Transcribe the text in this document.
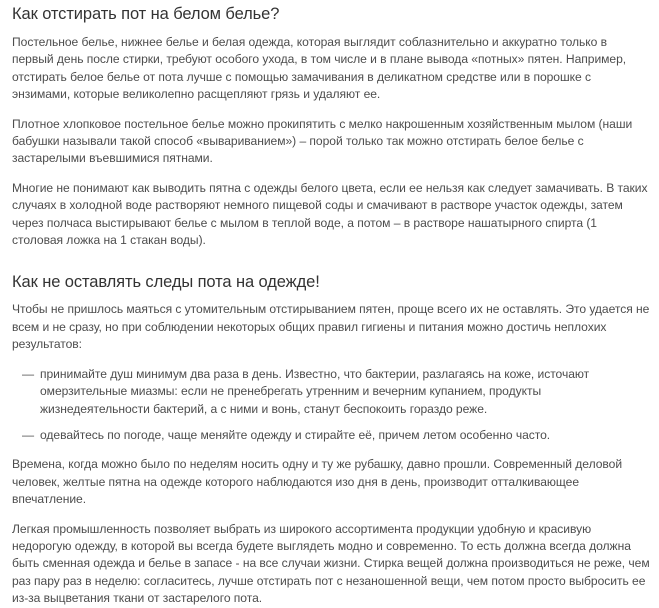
Как отстирать пот на белом белье?

Постельное белье, нижнее белье и белая одежда, которая выглядит соблазнительно и аккуратно только в первый день после стирки, требуют особого ухода, в том числе и в плане вывода «потных» пятен. Например, отстирать белое белье от пота лучше с помощью замачивания в деликатном средстве или в порошке с энзимами, которые великолепно расщепляют грязь и удаляют ее.

Плотное хлопковое постельное белье можно прокипятить с мелко накрошенным хозяйственным мылом (наши бабушки называли такой способ «вывариванием») – порой только так можно отстирать белое белье с застарелыми въевшимися пятнами.

Многие не понимают как выводить пятна с одежды белого цвета, если ее нельзя как следует замачивать. В таких случаях в холодной воде растворяют немного пищевой соды и смачивают в растворе участок одежды, затем через полчаса выстирывают белье с мылом в теплой воде, а потом – в растворе нашатырного спирта (1 столовая ложка на 1 стакан воды).

Как не оставлять следы пота на одежде!

Чтобы не пришлось маяться с утомительным отстирыванием пятен, проще всего их не оставлять. Это удается не всем и не сразу, но при соблюдении некоторых общих правил гигиены и питания можно достичь неплохих результатов:

— принимайте душ минимум два раза в день. Известно, что бактерии, разлагаясь на коже, источают омерзительные миазмы: если не пренебрегать утренним и вечерним купанием, продукты жизнедеятельности бактерий, а с ними и вонь, станут беспокоить гораздо реже.
— одевайтесь по погоде, чаще меняйте одежду и стирайте её, причем летом особенно часто.

Времена, когда можно было по неделям носить одну и ту же рубашку, давно прошли. Современный деловой человек, желтые пятна на одежде которого наблюдаются изо дня в день, производит отталкивающее впечатление.

Легкая промышленность позволяет выбрать из широкого ассортимента продукции удобную и красивую недорогую одежду, в которой вы всегда будете выглядеть модно и современно. То есть должна всегда должна быть сменная одежда и белье в запасе - на все случаи жизни. Стирка вещей должна производиться не реже, чем раз пару раз в неделю: согласитесь, лучше отстирать пот с незаношенной вещи, чем потом просто выбросить ее из-за выцветания ткани от застарелого пота.
